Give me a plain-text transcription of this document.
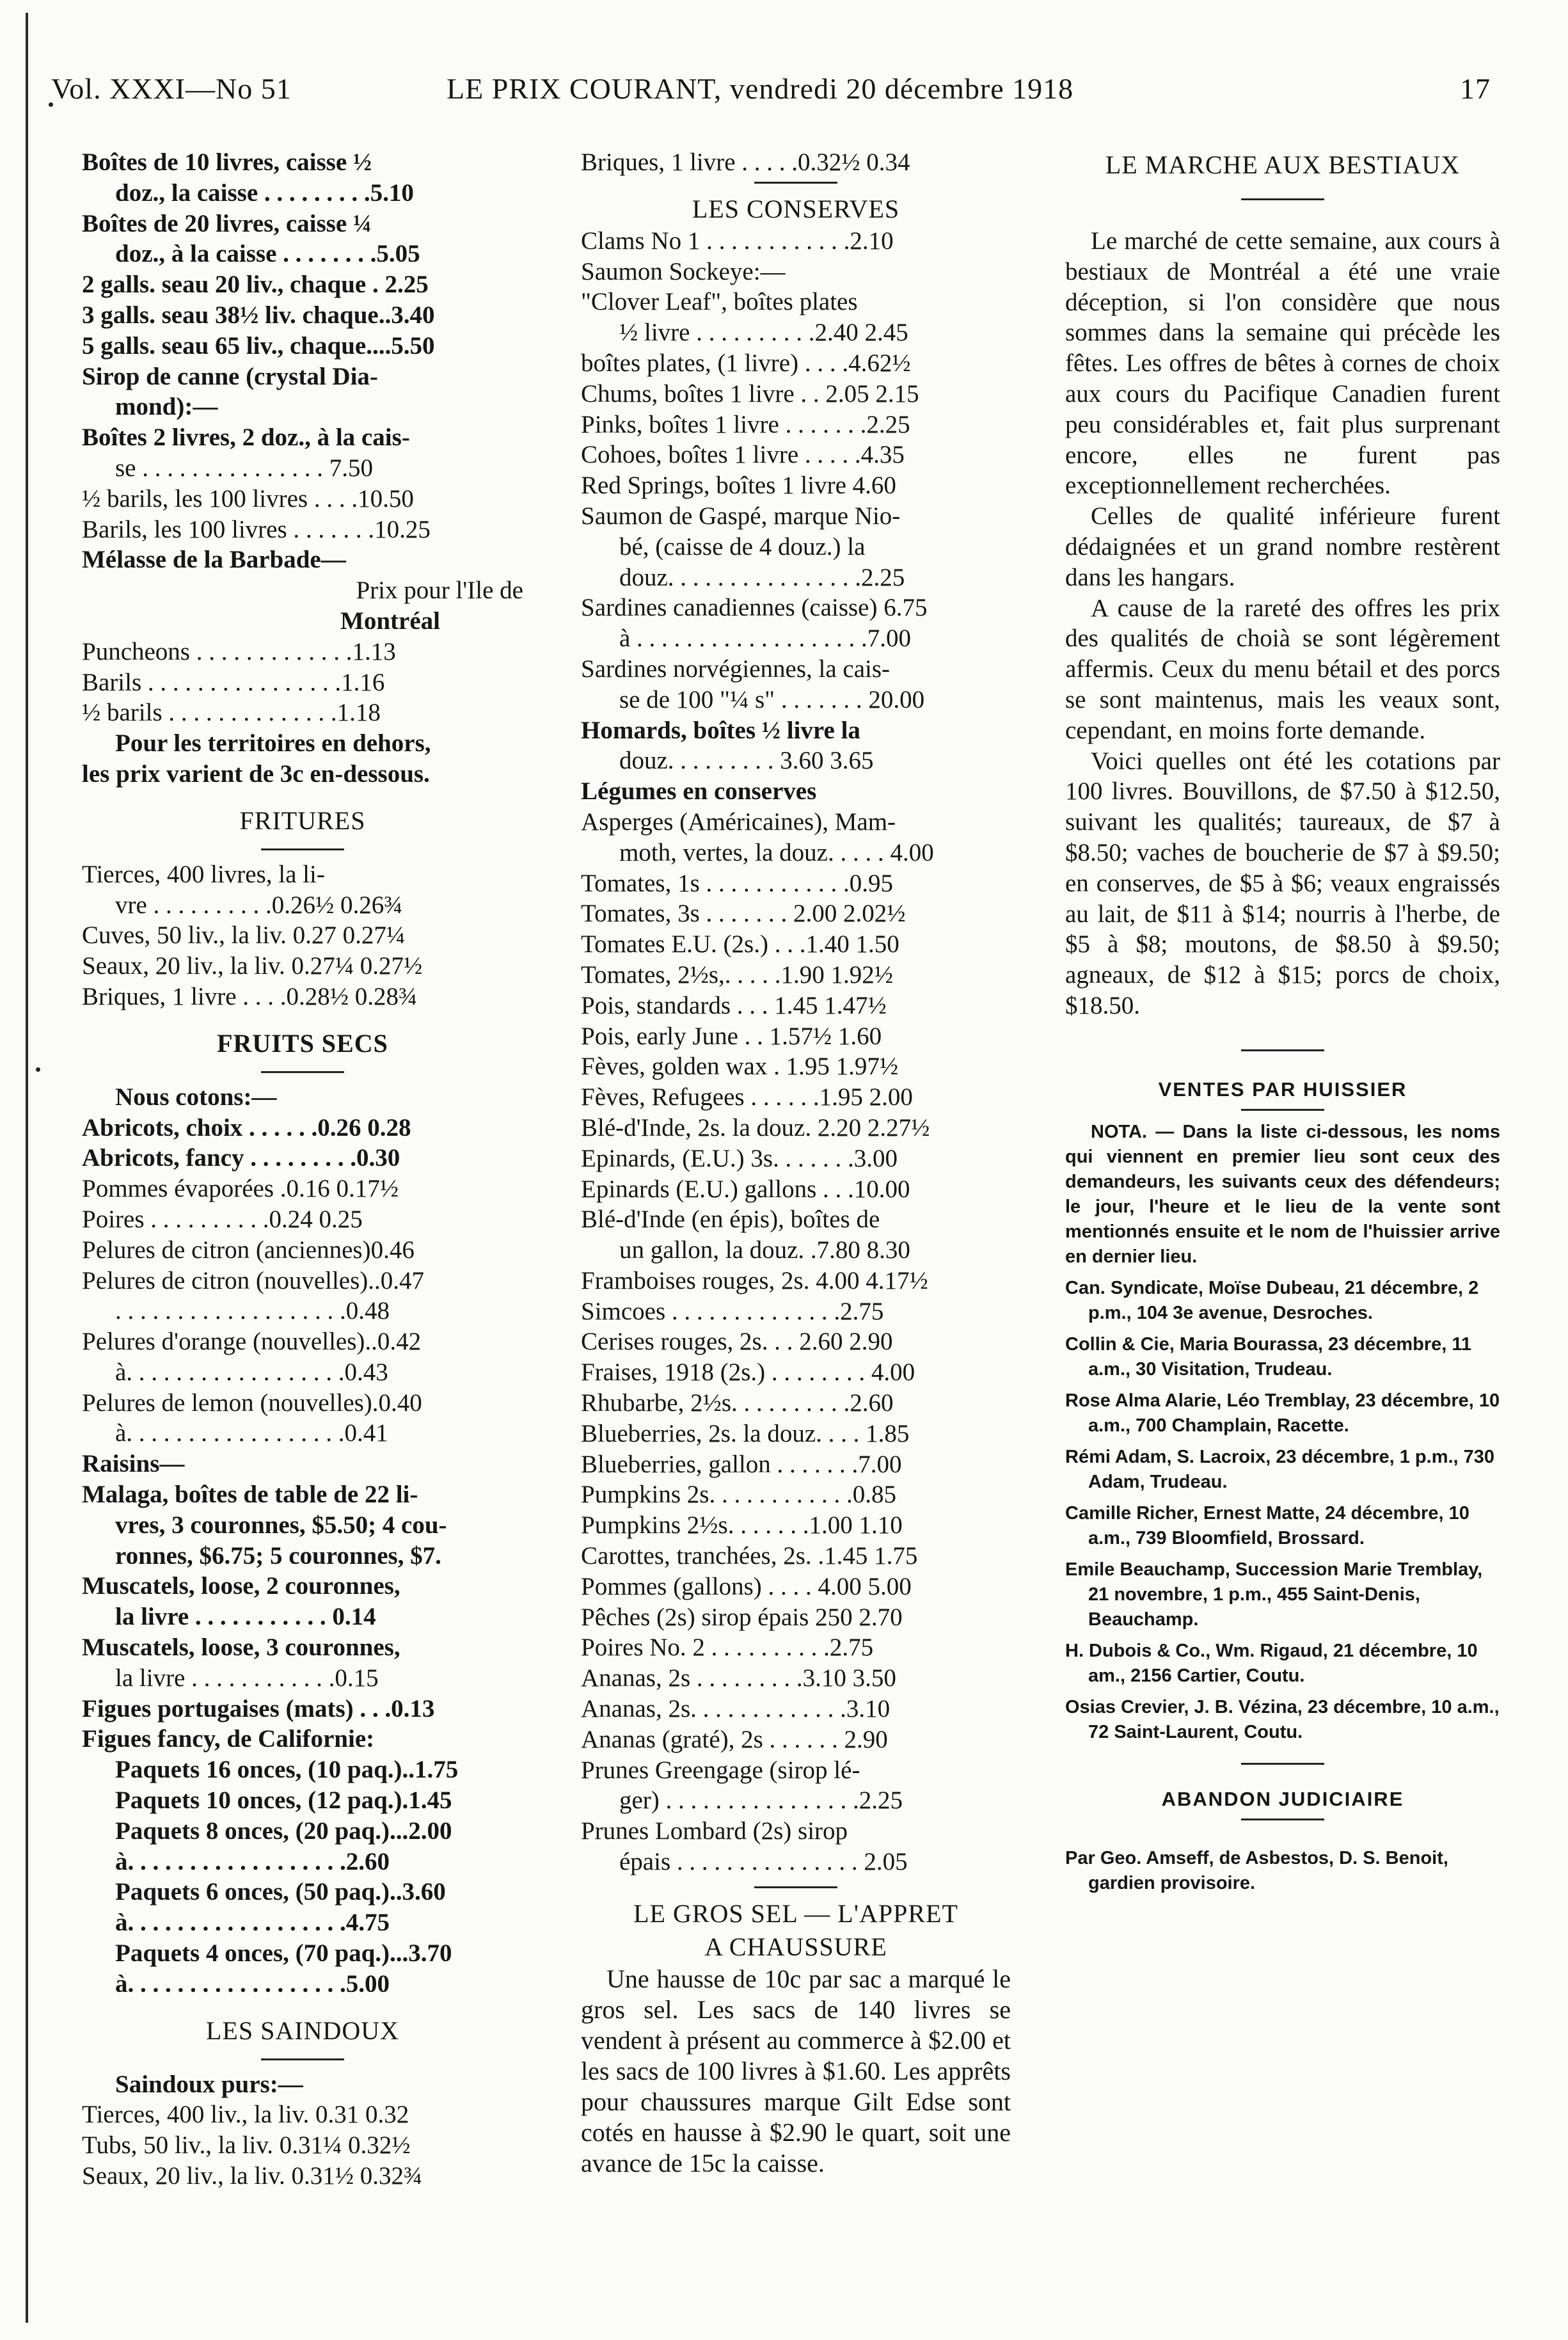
Vol. XXXI—No 51	LE PRIX COURANT, vendredi 20 décembre 1918	17
Boîtes de 10 livres, caisse ½
doz., la caisse . . . . . . . . .5.10
Boîtes de 20 livres, caisse ¼
doz., à la caisse . . . . . . . .5.05
2 galls. seau 20 liv., chaque . 2.25
3 galls. seau 38½ liv. chaque..3.40
5 galls. seau 65 liv., chaque....5.50
Sirop de canne (crystal Dia-
mond):—
Boîtes 2 livres, 2 doz., à la cais-
se . . . . . . . . . . . . . . . 7.50
½ barils, les 100 livres . . . .10.50
Barils, les 100 livres . . . . . . .10.25
Mélasse de la Barbade—
Prix pour l'Ile de
Montréal
Puncheons . . . . . . . . . . . . .1.13
Barils . . . . . . . . . . . . . . . .1.16
½ barils . . . . . . . . . . . . . .1.18
Pour les territoires en dehors,
les prix varient de 3c en-dessous.
FRITURES
Tierces, 400 livres, la li-
vre . . . . . . . . . .0.26½ 0.26¾
Cuves, 50 liv., la liv. 0.27 0.27¼
Seaux, 20 liv., la liv. 0.27¼ 0.27½
Briques, 1 livre . . . .0.28½ 0.28¾
FRUITS SECS
Nous cotons:—
Abricots, choix . . . . . .0.26 0.28
Abricots, fancy . . . . . . . . .0.30
Pommes évaporées .0.16 0.17½
Poires . . . . . . . . . .0.24 0.25
Pelures de citron (anciennes)0.46
Pelures de citron (nouvelles)..0.47
. . . . . . . . . . . . . . . . . . .0.48
Pelures d'orange (nouvelles)..0.42
à. . . . . . . . . . . . . . . . . .0.43
Pelures de lemon (nouvelles).0.40
à. . . . . . . . . . . . . . . . . .0.41
Raisins—
Malaga, boîtes de table de 22 li-
vres, 3 couronnes, $5.50; 4 cou-
ronnes, $6.75; 5 couronnes, $7.
Muscatels, loose, 2 couronnes,
la livre . . . . . . . . . . . 0.14
Muscatels, loose, 3 couronnes,
la livre . . . . . . . . . . . .0.15
Figues portugaises (mats) . . .0.13
Figues fancy, de Californie:
Paquets 16 onces, (10 paq.)..1.75
Paquets 10 onces, (12 paq.).1.45
Paquets 8 onces, (20 paq.)...2.00
à. . . . . . . . . . . . . . . . . .2.60
Paquets 6 onces, (50 paq.)..3.60
à. . . . . . . . . . . . . . . . . .4.75
Paquets 4 onces, (70 paq.)...3.70
à. . . . . . . . . . . . . . . . . .5.00
LES SAINDOUX
Saindoux purs:—
Tierces, 400 liv., la liv. 0.31 0.32
Tubs, 50 liv., la liv. 0.31¼ 0.32½
Seaux, 20 liv., la liv. 0.31½ 0.32¾
Briques, 1 livre . . . . .0.32½ 0.34
LES CONSERVES
Clams No 1 . . . . . . . . . . . .2.10
Saumon Sockeye:—
"Clover Leaf", boîtes plates
½ livre . . . . . . . . . .2.40 2.45
boîtes plates, (1 livre) . . . .4.62½
Chums, boîtes 1 livre . . 2.05 2.15
Pinks, boîtes 1 livre . . . . . . .2.25
Cohoes, boîtes 1 livre . . . . .4.35
Red Springs, boîtes 1 livre 4.60
Saumon de Gaspé, marque Nio-
bé, (caisse de 4 douz.) la
douz. . . . . . . . . . . . . . . .2.25
Sardines canadiennes (caisse) 6.75
à . . . . . . . . . . . . . . . . . . .7.00
Sardines norvégiennes, la cais-
se de 100 "¼ s" . . . . . . . 20.00
Homards, boîtes ½ livre la
douz. . . . . . . . . 3.60 3.65
Légumes en conserves
Asperges (Américaines), Mam-
moth, vertes, la douz. . . . . 4.00
Tomates, 1s . . . . . . . . . . . .0.95
Tomates, 3s . . . . . . . 2.00 2.02½
Tomates E.U. (2s.) . . .1.40 1.50
Tomates, 2½s,. . . . .1.90 1.92½
Pois, standards . . . 1.45 1.47½
Pois, early June . . 1.57½ 1.60
Fèves, golden wax . 1.95 1.97½
Fèves, Refugees . . . . . .1.95 2.00
Blé-d'Inde, 2s. la douz. 2.20 2.27½
Epinards, (E.U.) 3s. . . . . . .3.00
Epinards (E.U.) gallons . . .10.00
Blé-d'Inde (en épis), boîtes de
un gallon, la douz. .7.80 8.30
Framboises rouges, 2s. 4.00 4.17½
Simcoes . . . . . . . . . . . . . .2.75
Cerises rouges, 2s. . . 2.60 2.90
Fraises, 1918 (2s.) . . . . . . . . 4.00
Rhubarbe, 2½s. . . . . . . . . .2.60
Blueberries, 2s. la douz. . . . 1.85
Blueberries, gallon . . . . . . .7.00
Pumpkins 2s. . . . . . . . . . . .0.85
Pumpkins 2½s. . . . . . .1.00 1.10
Carottes, tranchées, 2s. .1.45 1.75
Pommes (gallons) . . . . 4.00 5.00
Pêches (2s) sirop épais 250 2.70
Poires No. 2 . . . . . . . . . .2.75
Ananas, 2s . . . . . . . . .3.10 3.50
Ananas, 2s. . . . . . . . . . . . .3.10
Ananas (graté), 2s . . . . . . 2.90
Prunes Greengage (sirop lé-
ger) . . . . . . . . . . . . . . . .2.25
Prunes Lombard (2s) sirop
épais . . . . . . . . . . . . . . . 2.05
LE GROS SEL — L'APPRET
A CHAUSSURE
Une hausse de 10c par sac a marqué le gros sel. Les sacs de 140 livres se vendent à présent au commerce à $2.00 et les sacs de 100 livres à $1.60. Les apprêts pour chaussures marque Gilt Edse sont cotés en hausse à $2.90 le quart, soit une avance de 15c la caisse.
LE MARCHE AUX BESTIAUX
Le marché de cette semaine, aux cours à bestiaux de Montréal a été une vraie déception, si l'on considère que nous sommes dans la semaine qui précède les fêtes. Les offres de bêtes à cornes de choix aux cours du Pacifique Canadien furent peu considérables et, fait plus surprenant encore, elles ne furent pas exceptionnellement recherchées.
Celles de qualité inférieure furent dédaignées et un grand nombre restèrent dans les hangars.
A cause de la rareté des offres les prix des qualités de choià se sont légèrement affermis. Ceux du menu bétail et des porcs se sont maintenus, mais les veaux sont, cependant, en moins forte demande.
Voici quelles ont été les cotations par 100 livres. Bouvillons, de $7.50 à $12.50, suivant les qualités; taureaux, de $7 à $8.50; vaches de boucherie de $7 à $9.50; en conserves, de $5 à $6; veaux engraissés au lait, de $11 à $14; nourris à l'herbe, de $5 à $8; moutons, de $8.50 à $9.50; agneaux, de $12 à $15; porcs de choix, $18.50.
VENTES PAR HUISSIER
NOTA. — Dans la liste ci-dessous, les noms qui viennent en premier lieu sont ceux des demandeurs, les suivants ceux des défendeurs; le jour, l'heure et le lieu de la vente sont mentionnés ensuite et le nom de l'huissier arrive en dernier lieu.
Can. Syndicate, Moïse Dubeau, 21 décembre, 2 p.m., 104 3e avenue, Desroches.
Collin & Cie, Maria Bourassa, 23 décembre, 11 a.m., 30 Visitation, Trudeau.
Rose Alma Alarie, Léo Tremblay, 23 décembre, 10 a.m., 700 Champlain, Racette.
Rémi Adam, S. Lacroix, 23 décembre, 1 p.m., 730 Adam, Trudeau.
Camille Richer, Ernest Matte, 24 décembre, 10 a.m., 739 Bloomfield, Brossard.
Emile Beauchamp, Succession Marie Tremblay, 21 novembre, 1 p.m., 455 Saint-Denis, Beauchamp.
H. Dubois & Co., Wm. Rigaud, 21 décembre, 10 am., 2156 Cartier, Coutu.
Osias Crevier, J. B. Vézina, 23 décembre, 10 a.m., 72 Saint-Laurent, Coutu.
ABANDON JUDICIAIRE
Par Geo. Amseff, de Asbestos, D. S. Benoit, gardien provisoire.
